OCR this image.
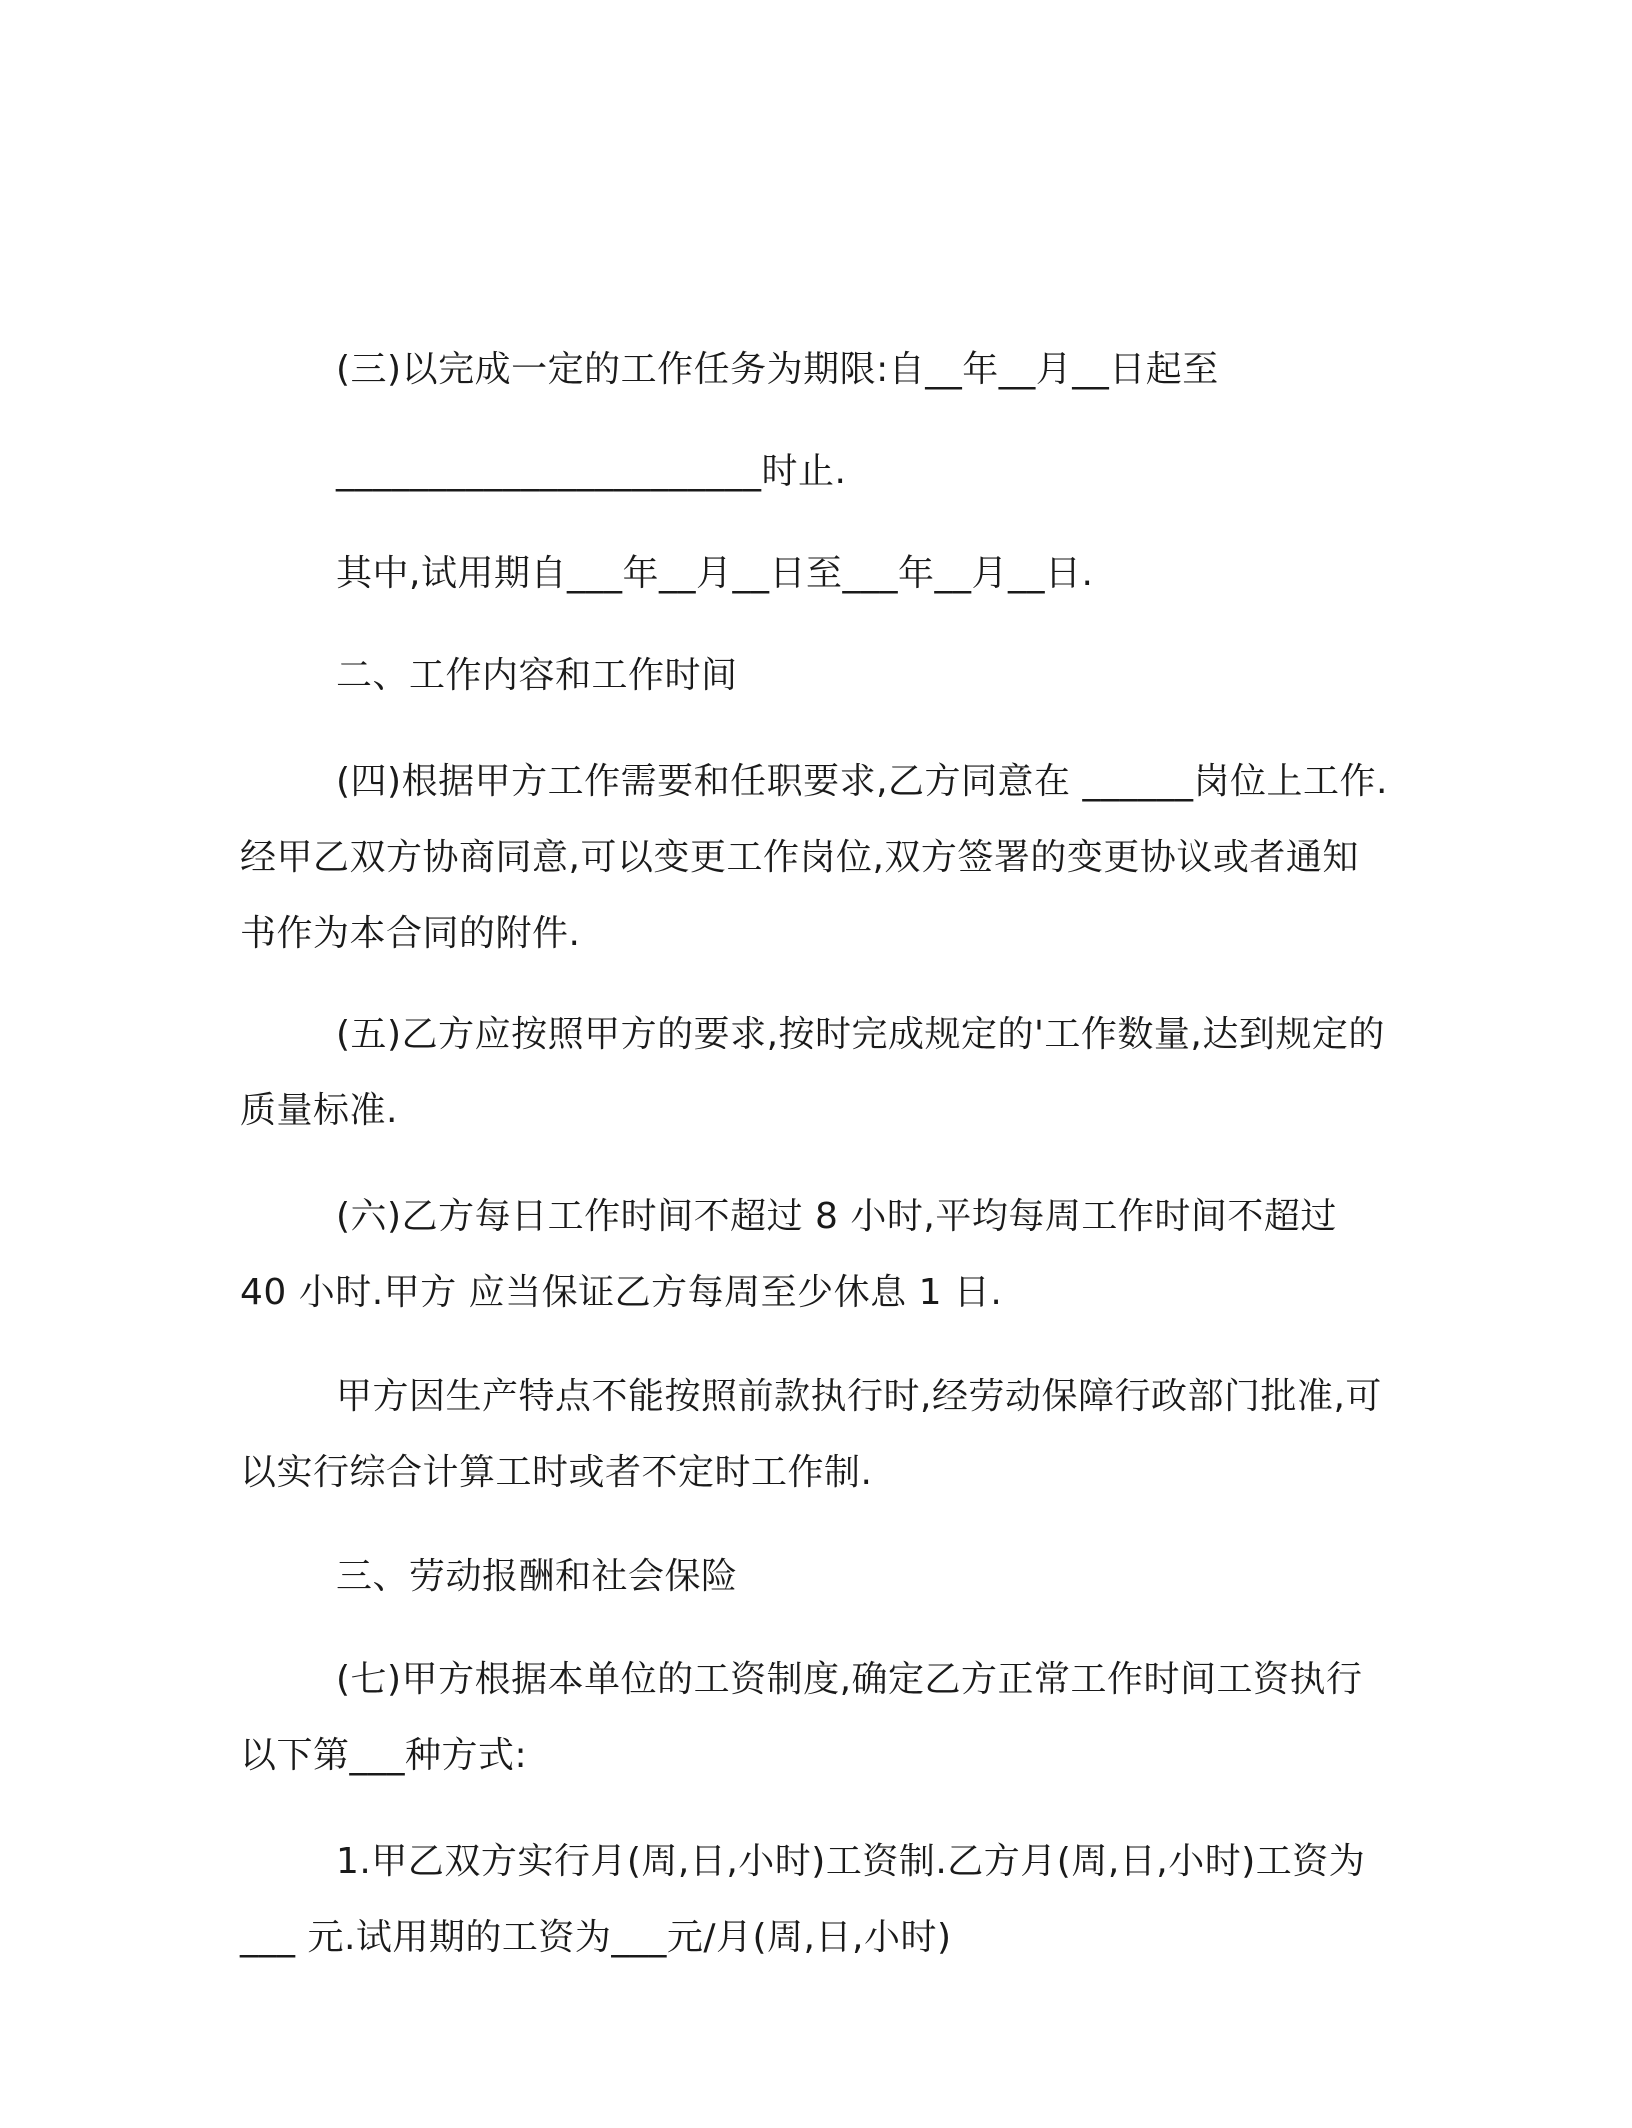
(三)以完成一定的工作任务为期限:自__年__月__日起至

_______________________时止.

其中,试用期自___年__月__日至___年__月__日.

二、工作内容和工作时间

(四)根据甲方工作需要和任职要求,乙方同意在 ______岗位上工作.经甲乙双方协商同意,可以变更工作岗位,双方签署的变更协议或者通知书作为本合同的附件.

(五)乙方应按照甲方的要求,按时完成规定的'工作数量,达到规定的质量标准.

(六)乙方每日工作时间不超过 8 小时,平均每周工作时间不超过 40 小时.甲方 应当保证乙方每周至少休息 1 日.

甲方因生产特点不能按照前款执行时,经劳动保障行政部门批准,可以实行综合计算工时或者不定时工作制.

三、劳动报酬和社会保险

(七)甲方根据本单位的工资制度,确定乙方正常工作时间工资执行以下第___种方式:

1.甲乙双方实行月(周,日,小时)工资制.乙方月(周,日,小时)工资为___ 元.试用期的工资为___元/月(周,日,小时)
